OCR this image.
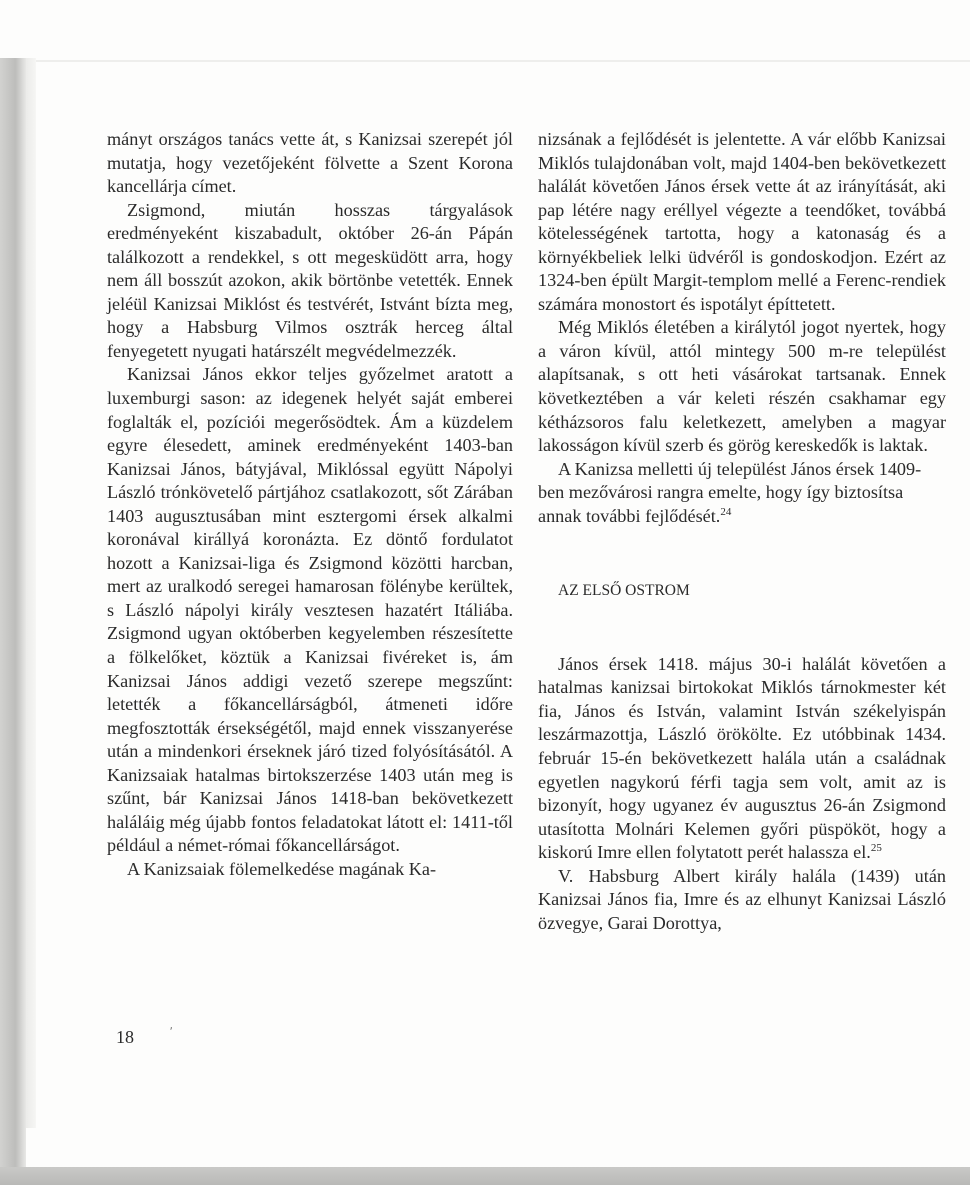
mányt országos tanács vette át, s Kanizsai szerepét jól mutatja, hogy vezetőjeként fölvette a Szent Korona kancellárja címet.

Zsigmond, miután hosszas tárgyalások eredményeként kiszabadult, október 26-án Pápán találkozott a rendekkel, s ott megesküdött arra, hogy nem áll bosszút azokon, akik börtönbe vetették. Ennek jeléül Kanizsai Miklóst és testvérét, Istvánt bízta meg, hogy a Habsburg Vilmos osztrák herceg által fenyegetett nyugati határszélt megvédelmezzék.

Kanizsai János ekkor teljes győzelmet aratott a luxemburgi sason: az idegenek helyét saját emberei foglalták el, pozíciói megerősödtek. Ám a küzdelem egyre élesedett, aminek eredményeként 1403-ban Kanizsai János, bátyjával, Miklóssal együtt Nápolyi László trónkövetelő pártjához csatlakozott, sőt Zárában 1403 augusztusában mint esztergomi érsek alkalmi koronával királlyá koronázta. Ez döntő fordulatot hozott a Kanizsai-liga és Zsigmond közötti harcban, mert az uralkodó seregei hamarosan fölénybe kerültek, s László nápolyi király vesztesen hazatért Itáliába. Zsigmond ugyan októberben kegyelemben részesítette a fölkelőket, köztük a Kanizsai fivéreket is, ám Kanizsai János addigi vezető szerepe megszűnt: letették a főkancellárságból, átmeneti időre megfosztották érsekségétől, majd ennek visszanyerése után a mindenkori érseknek járó tized folyósításától. A Kanizsaiak hatalmas birtokszerzése 1403 után meg is szűnt, bár Kanizsai János 1418-ban bekövetkezett haláláig még újabb fontos feladatokat látott el: 1411-től például a német-római főkancellárságot.

A Kanizsaiak fölemelkedése magának Ka-

nizsának a fejlődését is jelentette. A vár előbb Kanizsai Miklós tulajdonában volt, majd 1404-ben bekövetkezett halálát követően János érsek vette át az irányítását, aki pap létére nagy eréllyel végezte a teendőket, továbbá kötelességének tartotta, hogy a katonaság és a környékbeliek lelki üdvéről is gondoskodjon. Ezért az 1324-ben épült Margit-templom mellé a Ferenc-rendiek számára monostort és ispotályt építtetett.

Még Miklós életében a királytól jogot nyertek, hogy a váron kívül, attól mintegy 500 m-re települést alapítsanak, s ott heti vásárokat tartsanak. Ennek következtében a vár keleti részén csakhamar egy kétházsoros falu keletkezett, amelyben a magyar lakosságon kívül szerb és görög kereskedők is laktak.

A Kanizsa melletti új települést János érsek 1409-ben mezővárosi rangra emelte, hogy így biztosítsa annak további fejlődését.$^{24}$

AZ ELSŐ OSTROM

János érsek 1418. május 30-i halálát követően a hatalmas kanizsai birtokokat Miklós tárnokmester két fia, János és István, valamint István székelyispán leszármazottja, László örökölte. Ez utóbbinak 1434. február 15-én bekövetkezett halála után a családnak egyetlen nagykorú férfi tagja sem volt, amit az is bizonyít, hogy ugyanez év augusztus 26-án Zsigmond utasította Molnári Kelemen győri püspököt, hogy a kiskorú Imre ellen folytatott perét halassza el.$^{25}$

V. Habsburg Albert király halála (1439) után Kanizsai János fia, Imre és az elhunyt Kanizsai László özvegye, Garai Dorottya,

18	ʹ
